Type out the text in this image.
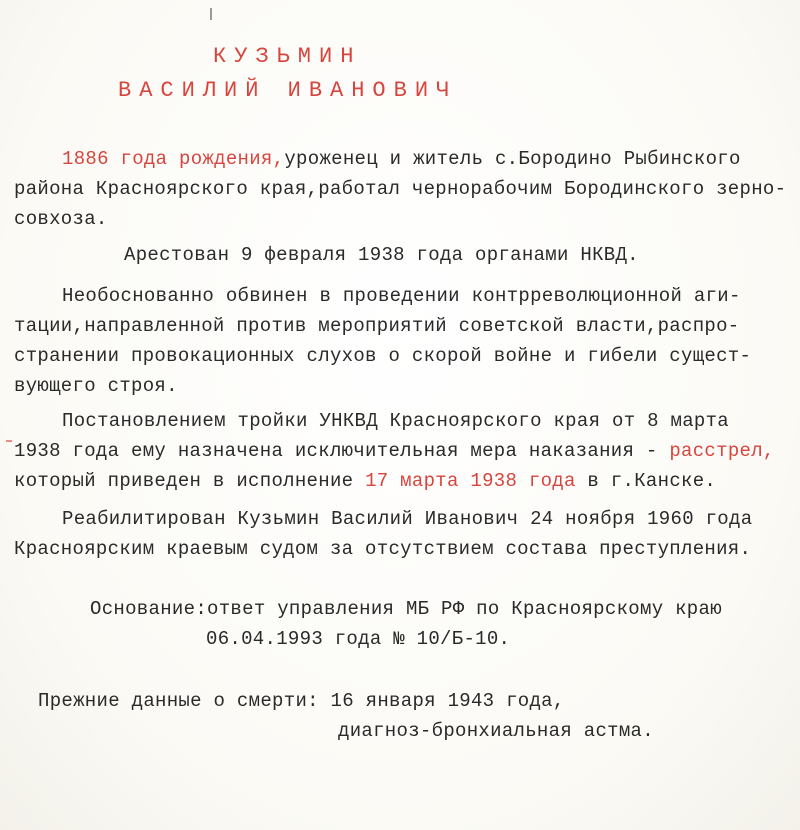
КУЗЬМИН
ВАСИЛИЙ ИВАНОВИЧ
1886 года рождения,уроженец и житель с.Бородино Рыбинского
района Красноярского края,работал чернорабочим Бородинского зерно-
совхоза.
Арестован 9 февраля 1938 года органами НКВД.
Необоснованно обвинен в проведении контрреволюционной аги-
тации,направленной против мероприятий советской власти,распро-
странении провокационных слухов о скорой войне и гибели сущест-
вующего строя.
Постановлением тройки УНКВД Красноярского края от 8 марта
1938 года ему назначена исключительная мера наказания - расстрел,
который приведен в исполнение 17 марта 1938 года в г.Канске.
Реабилитирован Кузьмин Василий Иванович 24 ноября 1960 года
Красноярским краевым судом за отсутствием состава преступления.
Основание:ответ управления МБ РФ по Красноярскому краю
06.04.1993 года № 10/Б-10.
Прежние данные о смерти: 16 января 1943 года,
диагноз-бронхиальная астма.
